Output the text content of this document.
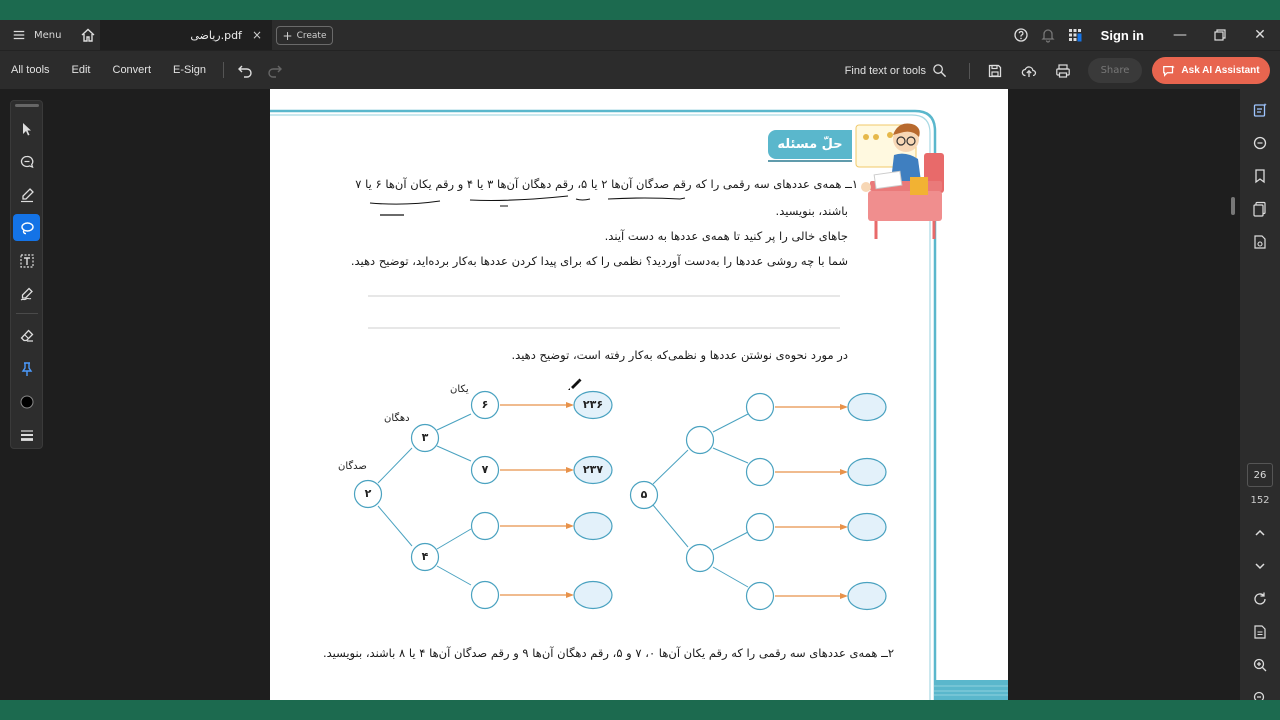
Menu	ریاضی.pdf × + Create	Sign in	—	✕
All tools	Edit	Convert	E-Sign	Find text or tools	Share	Ask AI Assistant
حلّ مسئله
۱ــ همه‌ی عددهای سه رقمی را که رقم صدگان آن‌ها ۲ یا ۵، رقم دهگان آن‌ها ۳ یا ۴ و رقم یکان آن‌ها ۶ یا ۷
باشند، بنویسید.
جاهای خالی را پر کنید تا همه‌ی عددها به دست آیند.
شما با چه روشی عددها را به‌دست آوردید؟ نظمی را که برای پیدا کردن عددها به‌کار برده‌اید، توضیح دهید.
در مورد نحوه‌ی نوشتن عددها و نظمی‌که به‌کار رفته است، توضیح دهید.
۲ــ همه‌ی عددهای سه رقمی را که رقم یکان آن‌ها ۰، ۷ و ۵، رقم دهگان آن‌ها ۹ و رقم صدگان آن‌ها ۴ یا ۸ باشند، بنویسید.
صدگان
دهگان
یکان
۲
۳
۴
۶
۷
۲۳۶
۲۳۷
۵
26
152
